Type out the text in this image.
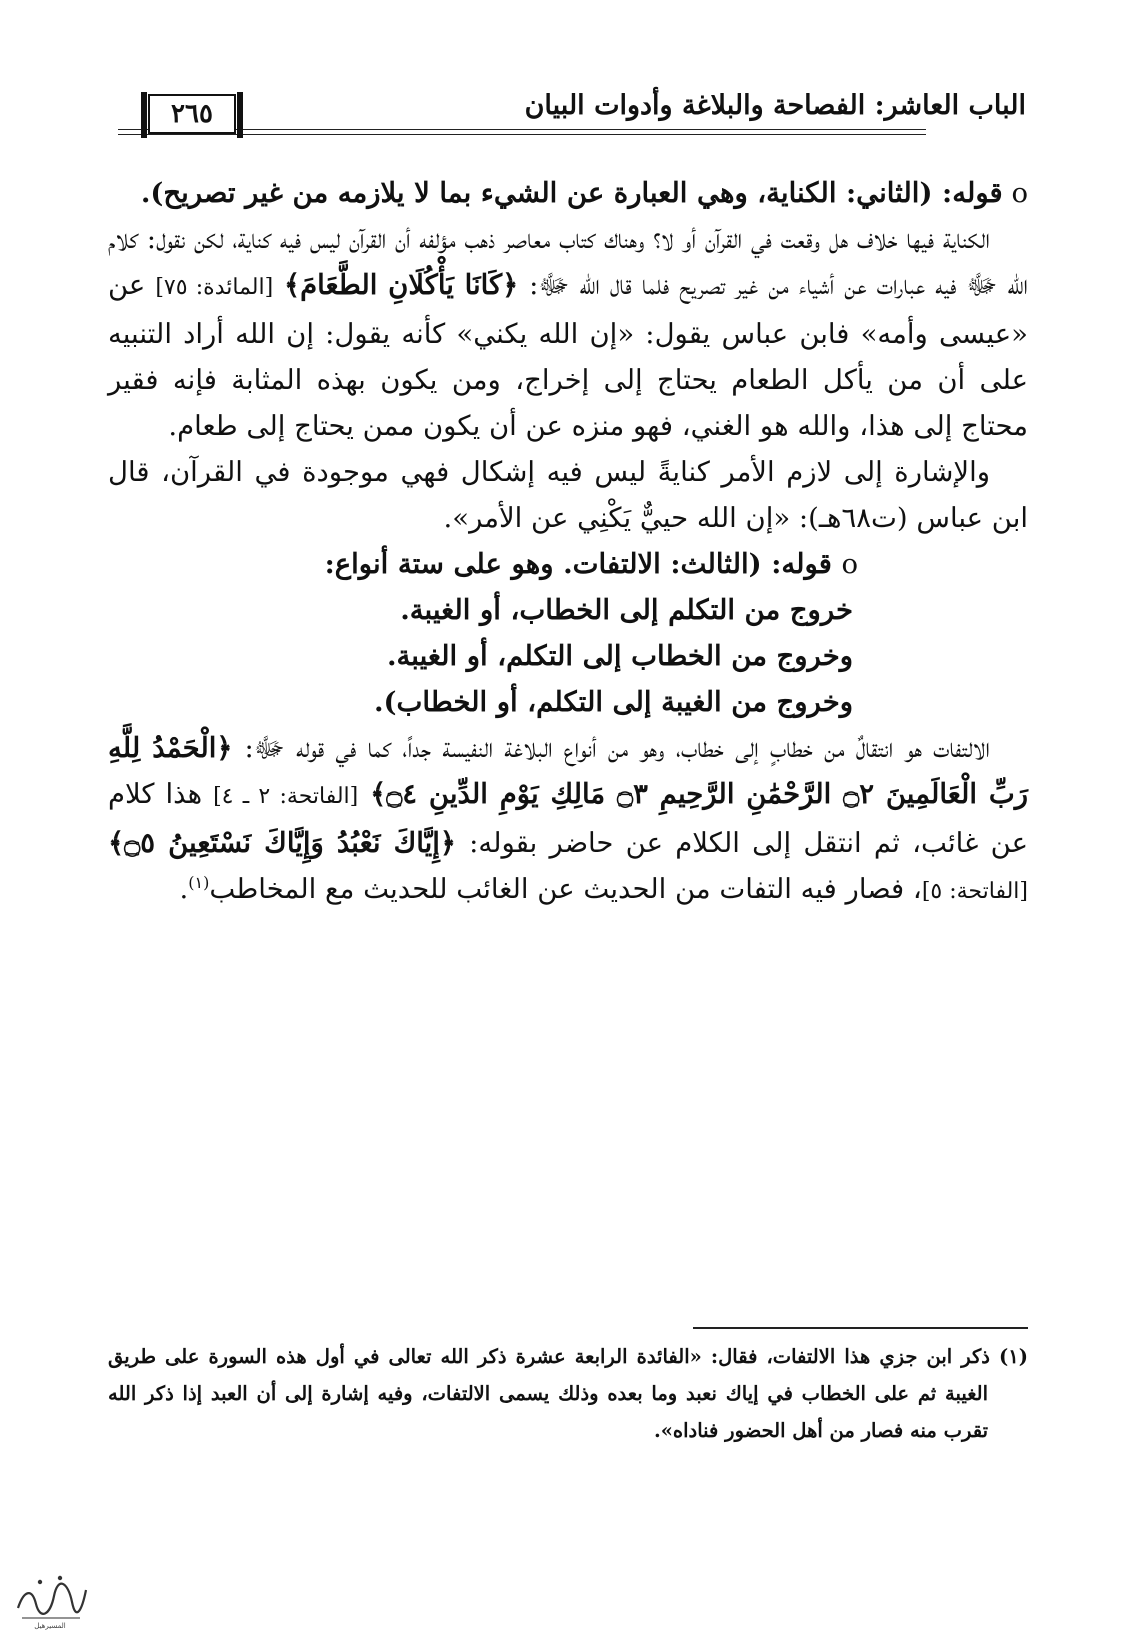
الباب العاشر: الفصاحة والبلاغة وأدوات البيان
٢٦٥

o قوله: (الثاني: الكناية، وهي العبارة عن الشيء بما لا يلازمه من غير تصريح).

الكناية فيها خلاف هل وقعت في القرآن أو لا؟ وهناك كتاب معاصر ذهب مؤلفه أن القرآن ليس فيه كناية، لكن نقول: كلام الله ﷻ فيه عبارات عن أشياء من غير تصريح فلما قال الله ﷻ: ﴿كَانَا يَأْكُلَانِ الطَّعَامَ﴾ [المائدة: ٧٥] عن «عيسى وأمه» فابن عباس يقول: «إن الله يكني» كأنه يقول: إن الله أراد التنبيه على أن من يأكل الطعام يحتاج إلى إخراج، ومن يكون بهذه المثابة فإنه فقير محتاج إلى هذا، والله هو الغني، فهو منزه عن أن يكون ممن يحتاج إلى طعام.

والإشارة إلى لازم الأمر كنايةً ليس فيه إشكال فهي موجودة في القرآن، قال ابن عباس (ت٦٨هـ): «إن الله حييٌّ يَكْنِي عن الأمر».

o قوله: (الثالث: الالتفات. وهو على ستة أنواع:

خروج من التكلم إلى الخطاب، أو الغيبة.

وخروج من الخطاب إلى التكلم، أو الغيبة.

وخروج من الغيبة إلى التكلم، أو الخطاب).

الالتفات هو انتقالٌ من خطابٍ إلى خطاب، وهو من أنواع البلاغة النفيسة جداً، كما في قوله ﷻ: ﴿الْحَمْدُ لِلَّهِ رَبِّ الْعَالَمِينَ ۝٢ الرَّحْمَٰنِ الرَّحِيمِ ۝٣ مَالِكِ يَوْمِ الدِّينِ ۝٤﴾ [الفاتحة: ٢ ـ ٤] هذا كلام عن غائب، ثم انتقل إلى الكلام عن حاضر بقوله: ﴿إِيَّاكَ نَعْبُدُ وَإِيَّاكَ نَسْتَعِينُ ۝٥﴾ [الفاتحة: ٥]، فصار فيه التفات من الحديث عن الغائب للحديث مع المخاطب$^{(١)}$.

(١) ذكر ابن جزي هذا الالتفات، فقال: «الفائدة الرابعة عشرة ذكر الله تعالى في أول هذه السورة على طريق الغيبة ثم على الخطاب في إياك نعبد وما بعده وذلك يسمى الالتفات، وفيه إشارة إلى أن العبد إذا ذكر الله تقرب منه فصار من أهل الحضور فناداه».

المسيرهيل
